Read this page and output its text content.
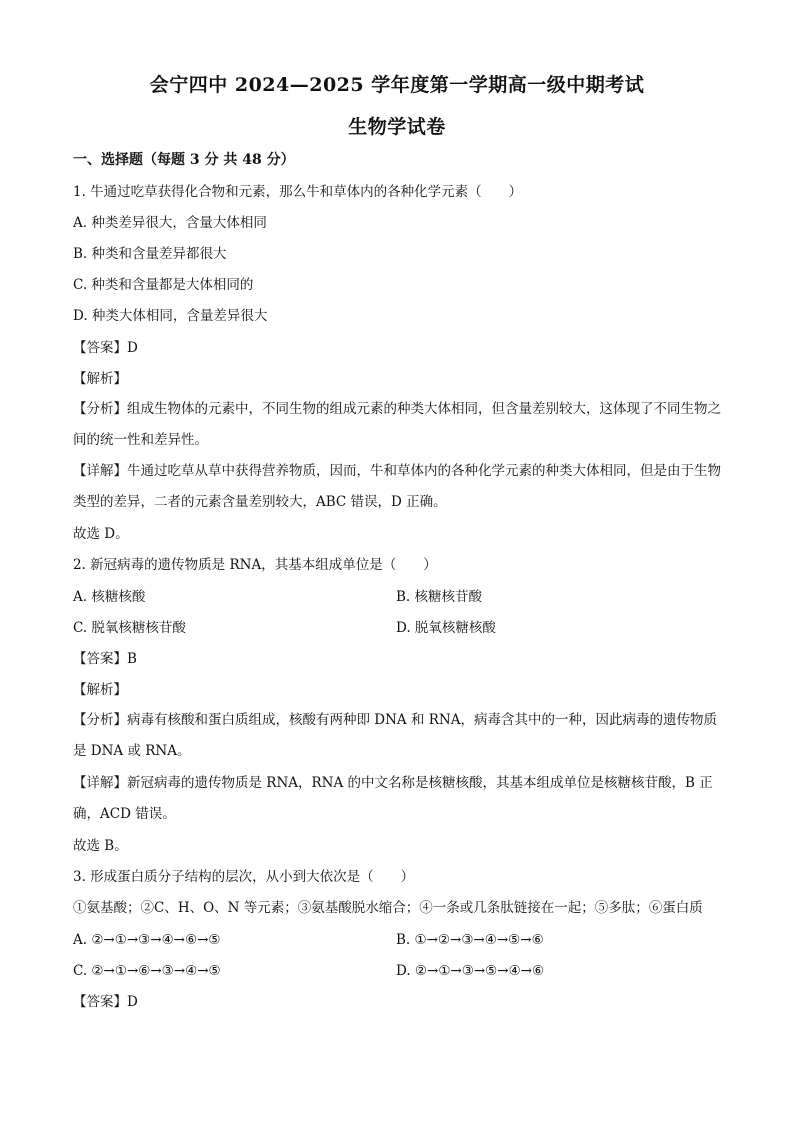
会宁四中 2024—2025 学年度第一学期高一级中期考试
生物学试卷
一、选择题（每题 3 分 共 48 分）
1. 牛通过吃草获得化合物和元素，那么牛和草体内的各种化学元素（　　）
A. 种类差异很大，含量大体相同
B. 种类和含量差异都很大
C. 种类和含量都是大体相同的
D. 种类大体相同，含量差异很大
【答案】D
【解析】
【分析】组成生物体的元素中，不同生物的组成元素的种类大体相同，但含量差别较大，这体现了不同生物之间的统一性和差异性。
【详解】牛通过吃草从草中获得营养物质，因而，牛和草体内的各种化学元素的种类大体相同，但是由于生物类型的差异，二者的元素含量差别较大，ABC 错误，D 正确。
故选 D。
2. 新冠病毒的遗传物质是 RNA，其基本组成单位是（　　）
A. 核糖核酸	B. 核糖核苷酸
C. 脱氧核糖核苷酸	D. 脱氧核糖核酸
【答案】B
【解析】
【分析】病毒有核酸和蛋白质组成，核酸有两种即 DNA 和 RNA，病毒含其中的一种，因此病毒的遗传物质是 DNA 或 RNA。
【详解】新冠病毒的遗传物质是 RNA，RNA 的中文名称是核糖核酸，其基本组成单位是核糖核苷酸，B 正确，ACD 错误。
故选 B。
3. 形成蛋白质分子结构的层次，从小到大依次是（　　）
①氨基酸；②C、H、O、N 等元素；③氨基酸脱水缩合；④一条或几条肽链接在一起；⑤多肽；⑥蛋白质
A. ②→①→③→④→⑥→⑤	B. ①→②→③→④→⑤→⑥
C. ②→①→⑥→③→④→⑤	D. ②→①→③→⑤→④→⑥
【答案】D
